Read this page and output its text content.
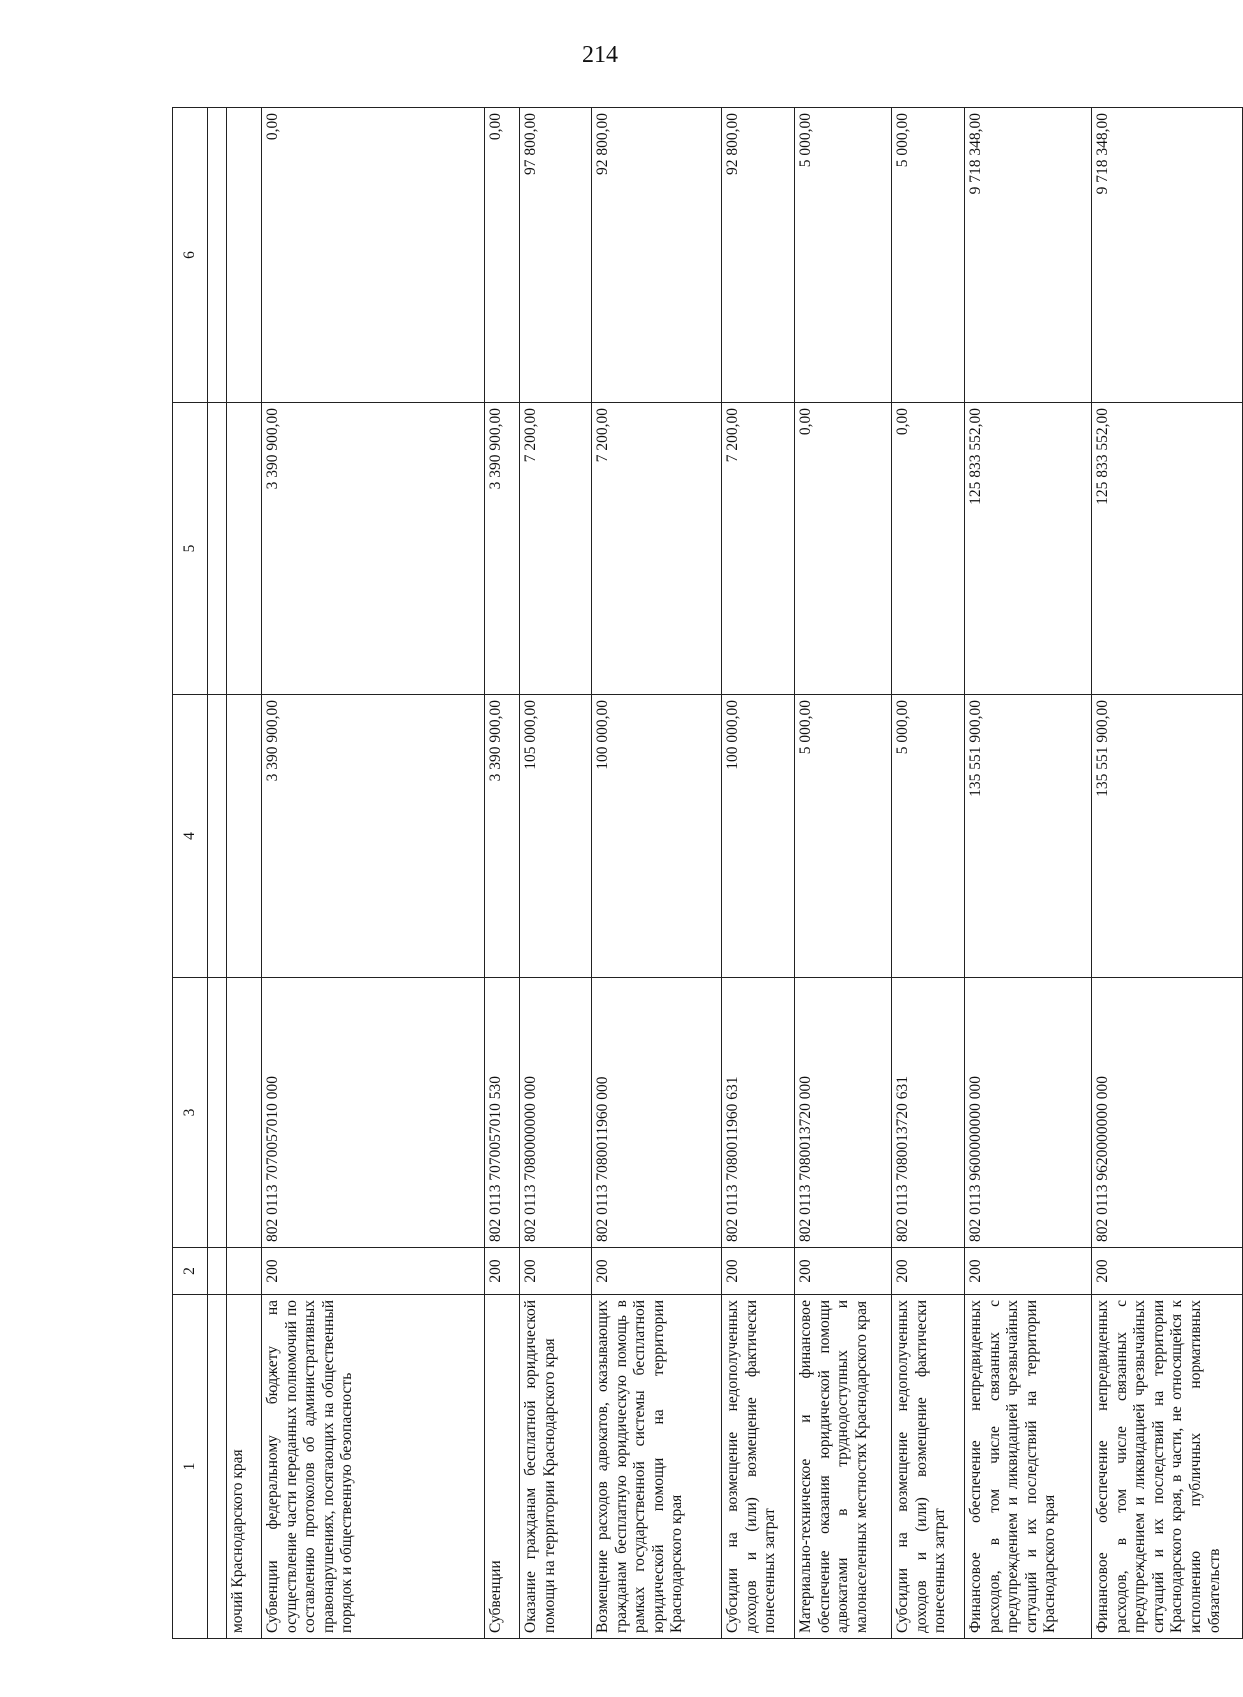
214
1	2	3	4	5	6

мочий Краснодарского края					
Субвенции федеральному бюджету на осуществление части переданных полномочий по составлению протоколов об административных правонарушениях, посягающих на общественный порядок и общественную безопасность	200	802 0113 7070057010 000	3 390 900,00	3 390 900,00	0,00
Субвенции	200	802 0113 7070057010 530	3 390 900,00	3 390 900,00	0,00
Оказание гражданам бесплатной юридической помощи на территории Краснодарского края	200	802 0113 7080000000 000	105 000,00	7 200,00	97 800,00
Возмещение расходов адвокатов, оказывающих гражданам бесплатную юридическую помощь в рамках государственной системы бесплатной юридической помощи на территории Краснодарского края	200	802 0113 7080011960 000	100 000,00	7 200,00	92 800,00
Субсидии на возмещение недополученных доходов и (или) возмещение фактически понесенных затрат	200	802 0113 7080011960 631	100 000,00	7 200,00	92 800,00
Материально-техническое и финансовое обеспечение оказания юридической помощи адвокатами в труднодоступных и малонаселенных местностях Краснодарского края	200	802 0113 7080013720 000	5 000,00	0,00	5 000,00
Субсидии на возмещение недополученных доходов и (или) возмещение фактически понесенных затрат	200	802 0113 7080013720 631	5 000,00	0,00	5 000,00
Финансовое обеспечение непредвиденных расходов, в том числе связанных с предупреждением и ликвидацией чрезвычайных ситуаций и их последствий на территории Краснодарского края	200	802 0113 9600000000 000	135 551 900,00	125 833 552,00	9 718 348,00
Финансовое обеспечение непредвиденных расходов, в том числе связанных с предупреждением и ликвидацией чрезвычайных ситуаций и их последствий на территории Краснодарского края, в части, не относящейся к исполнению публичных нормативных обязательств	200	802 0113 9620000000 000	135 551 900,00	125 833 552,00	9 718 348,00
